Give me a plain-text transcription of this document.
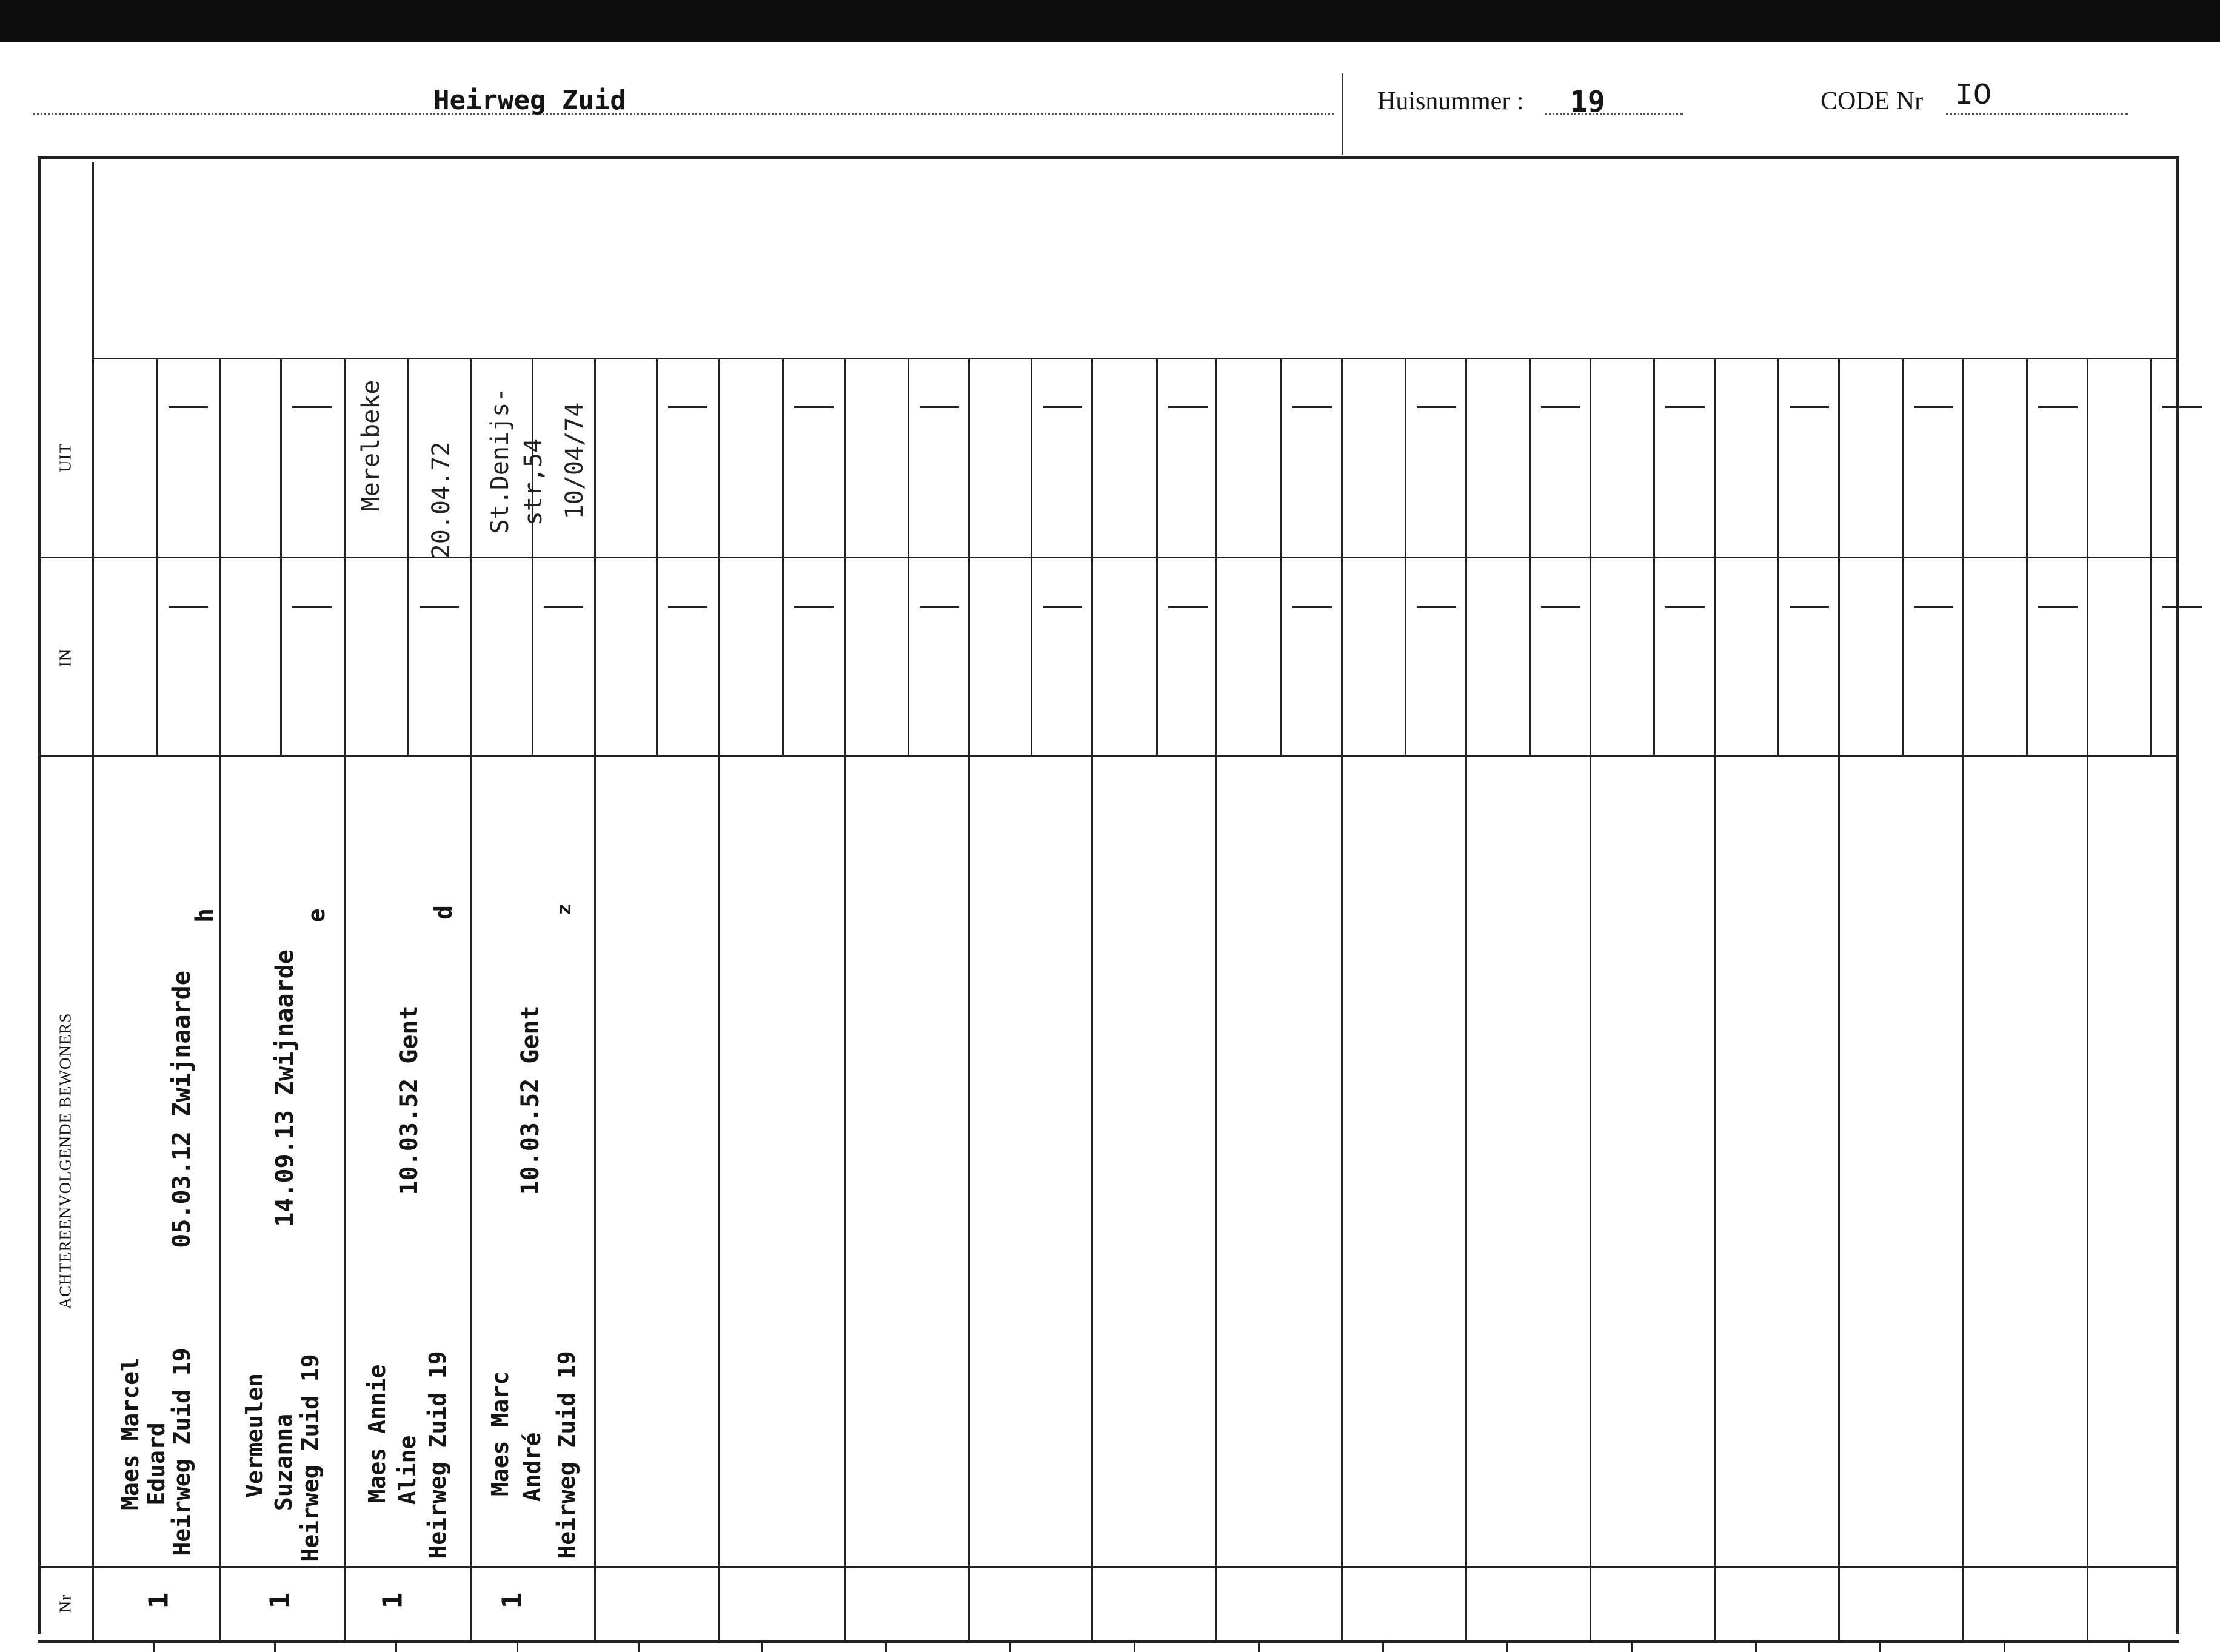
Heirweg Zuid	Huisnummer : 19	CODE Nr IO
UIT
IN
ACHTEREENVOLGENDE BEWONERS
Nr
Maes Marcel Eduard
Heirweg Zuid 19
05.03.12 Zwijnaarde
h
1
Vermeulen Suzanna Heirweg Zuid 19
14.09.13 Zwijnaarde
e
1
Maes Annie Aline Heirweg Zuid 19
10.03.52 Gent
d
1
Merelbeke 20.04.72
Maes Marc André Heirweg Zuid 19
10.03.52 Gent
z
1
St.Denijs- str,54 10/04/74
